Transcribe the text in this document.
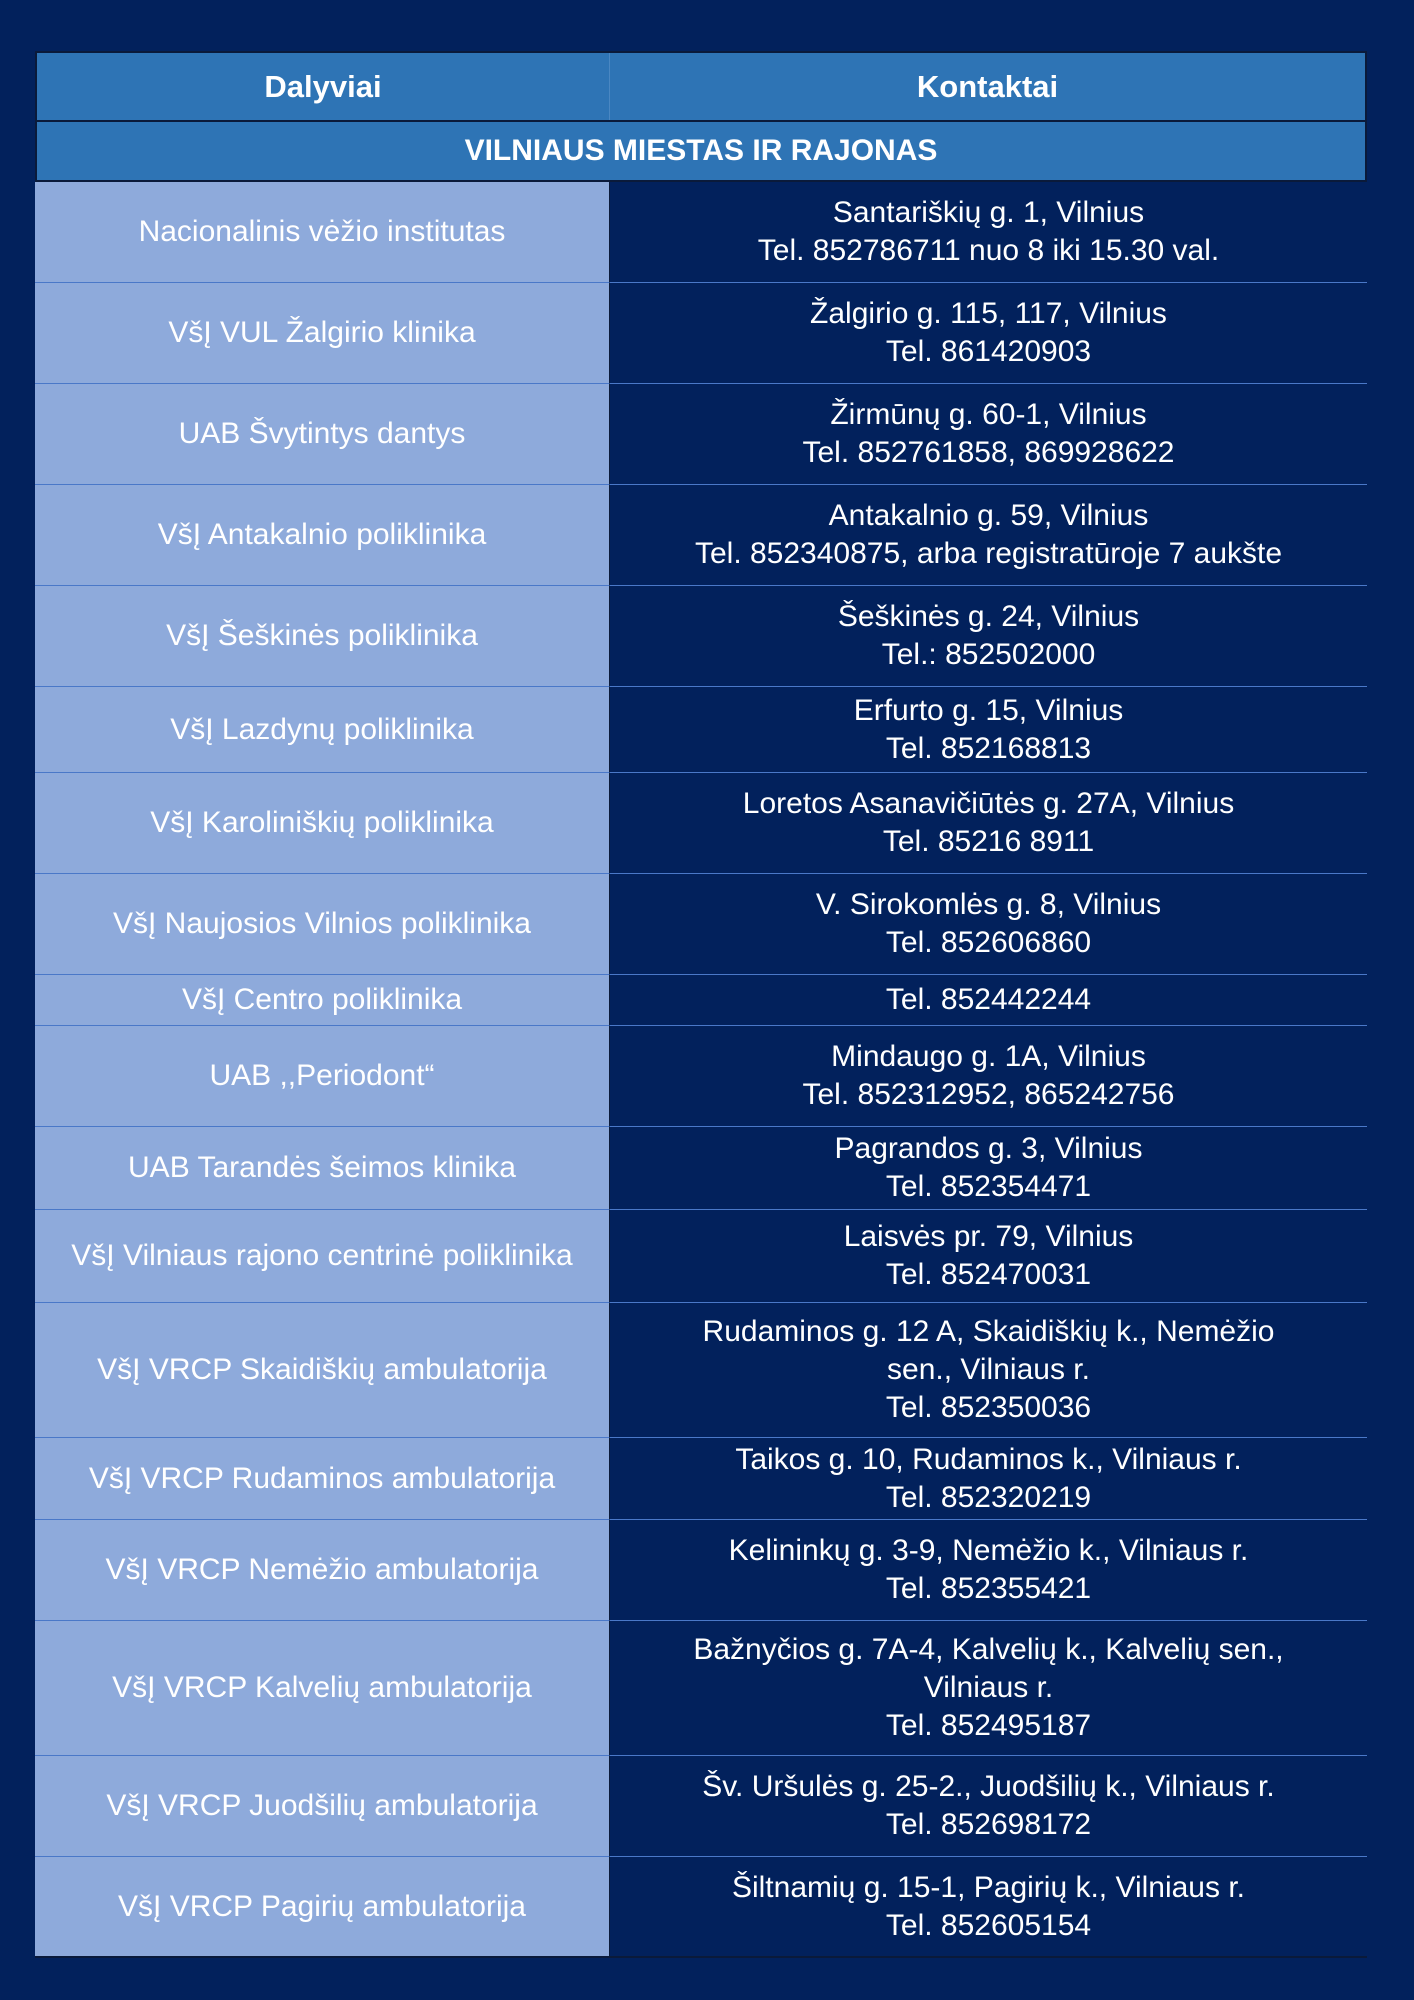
Dalyviai	Kontaktai
VILNIAUS MIESTAS IR RAJONAS
Nacionalinis vėžio institutas
Santariškių g. 1, Vilnius
Tel. 852786711 nuo 8 iki 15.30 val.
VšĮ VUL Žalgirio klinika
Žalgirio g. 115, 117, Vilnius
Tel. 861420903
UAB Švytintys dantys
Žirmūnų g. 60-1, Vilnius
Tel. 852761858, 869928622
VšĮ Antakalnio poliklinika
Antakalnio g. 59, Vilnius
Tel. 852340875, arba registratūroje 7 aukšte
VšĮ Šeškinės poliklinika
Šeškinės g. 24, Vilnius
Tel.: 852502000
VšĮ Lazdynų poliklinika
Erfurto g. 15, Vilnius
Tel. 852168813
VšĮ Karoliniškių poliklinika
Loretos Asanavičiūtės g. 27A, Vilnius
Tel. 85216 8911
VšĮ Naujosios Vilnios poliklinika
V. Sirokomlės g. 8, Vilnius
Tel. 852606860
VšĮ Centro poliklinika	Tel. 852442244
UAB ,,Periodont“
Mindaugo g. 1A, Vilnius
Tel. 852312952, 865242756
UAB Tarandės šeimos klinika
Pagrandos g. 3, Vilnius
Tel. 852354471
VšĮ Vilniaus rajono centrinė poliklinika
Laisvės pr. 79, Vilnius
Tel. 852470031
VšĮ VRCP Skaidiškių ambulatorija
Rudaminos g. 12 A, Skaidiškių k., Nemėžio
sen., Vilniaus r.
Tel. 852350036
VšĮ VRCP Rudaminos ambulatorija
Taikos g. 10, Rudaminos k., Vilniaus r.
Tel. 852320219
VšĮ VRCP Nemėžio ambulatorija
Kelininkų g. 3-9, Nemėžio k., Vilniaus r.
Tel. 852355421
VšĮ VRCP Kalvelių ambulatorija
Bažnyčios g. 7A-4, Kalvelių k., Kalvelių sen.,
Vilniaus r.
Tel. 852495187
VšĮ VRCP Juodšilių ambulatorija
Šv. Uršulės g. 25-2., Juodšilių k., Vilniaus r.
Tel. 852698172
VšĮ VRCP Pagirių ambulatorija
Šiltnamių g. 15-1, Pagirių k., Vilniaus r.
Tel. 852605154
